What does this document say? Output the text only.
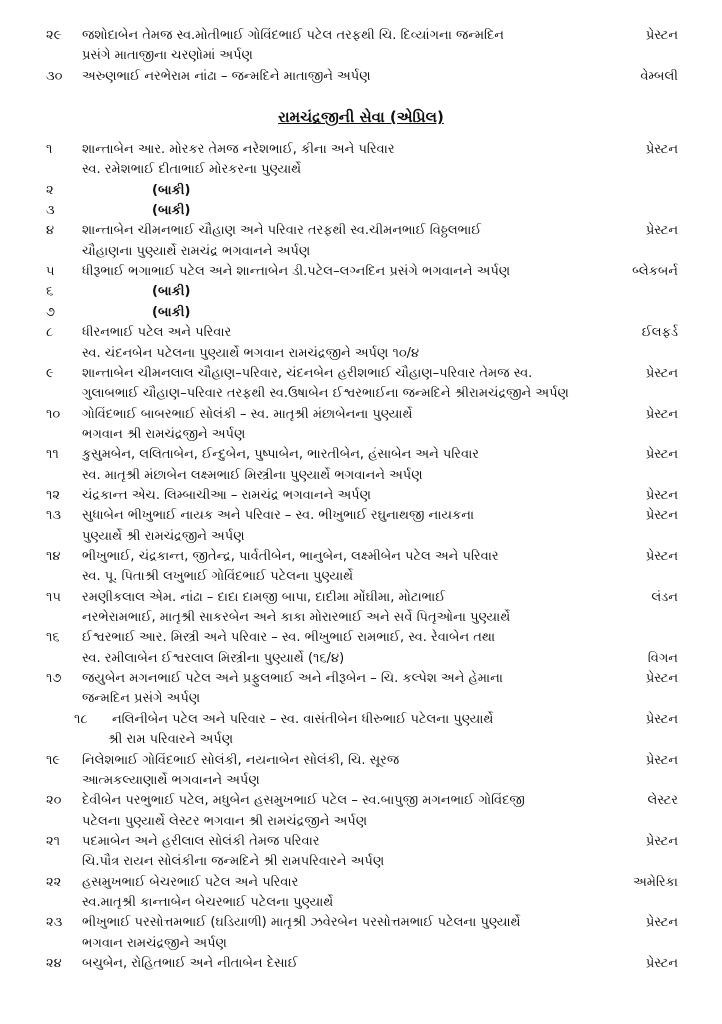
૨૯ જશોદાબેન તેમજ સ્વ.મોતીભાઈ ગોવિંદભાઈ પટેલ તરફથી ચિ. દિવ્યાંગના જન્મદિન	પ્રેસ્ટન
પ્રસંગે માતાજીના ચરણોમાં અર્પણ
૩૦ અરુણભાઈ નરભેરામ નાંઢા – જન્મદિને માતાજીને અર્પણ	વેમ્બલી
રામચંદ્રજીની સેવા (એપ્રિલ)
૧ શાન્તાબેન આર. મોરકર તેમજ નરેશભાઈ, કીના અને પરિવાર	પ્રેસ્ટન
સ્વ. રમેશભાઈ દીતાભાઈ મોરકરના પુણ્યાર્થે
૨	(બાકી)
૩	(બાકી)
૪ શાન્તાબેન ચીમનભાઈ ચૌહાણ અને પરિવાર તરફથી સ્વ.ચીમનભાઈ વિઠ્ઠલભાઈ	પ્રેસ્ટન
ચૌહાણના પુણ્યાર્થે રામચંદ્ર ભગવાનને અર્પણ
૫ ધીરૂભાઈ ભગાભાઈ પટેલ અને શાન્તાબેન ડી.પટેલ–લગ્નદિન પ્રસંગે ભગવાનને અર્પણ	બ્લેકબર્ન
૬	(બાકી)
૭	(બાકી)
૮ ધીરનભાઈ પટેલ અને પરિવાર	ઈલફર્ડ
સ્વ. ચંદનબેન પટેલના પુણ્યાર્થે ભગવાન રામચંદ્રજીને અર્પણ ૧૦/૪
૯ શાન્તાબેન ચીમનલાલ ચૌહાણ–પરિવાર, ચંદનબેન હરીશભાઈ ચૌહાણ–પરિવાર તેમજ સ્વ.	પ્રેસ્ટન
ગુલાબભાઈ ચૌહાણ–પરિવાર તરફથી સ્વ.ઉષાબેન ઈશ્વરભાઈના જન્મદિને શ્રીરામચંદ્રજીને અર્પણ
૧૦ ગોવિંદભાઈ બાબરભાઈ સોલંકી – સ્વ. માતૃશ્રી મંછાબેનના પુણ્યાર્થે	પ્રેસ્ટન
ભગવાન શ્રી રામચંદ્રજીને અર્પણ
૧૧ કુસુમબેન, લલિતાબેન, ઈન્દુબેન, પુષ્પાબેન, ભારતીબેન, હંસાબેન અને પરિવાર	પ્રેસ્ટન
સ્વ. માતૃશ્રી મંછાબેન લક્ષ્મભાઈ મિસ્ત્રીના પુણ્યાર્થે ભગવાનને અર્પણ
૧૨ ચંદ્રકાન્ત એચ. લિમ્બાચીઆ – રામચંદ્ર ભગવાનને અર્પણ	પ્રેસ્ટન
૧૩ સુધાબેન ભીખુભાઈ નાયક અને પરિવાર – સ્વ. ભીખુભાઈ રઘુનાથજી નાયકના	પ્રેસ્ટન
પુણ્યાર્થે શ્રી રામચંદ્રજીને અર્પણ
૧૪ ભીખુભાઈ, ચંદ્રકાન્ત, જીતેન્દ્ર, પાર્વતીબેન, ભાનુબેન, લક્ષ્મીબેન પટેલ અને પરિવાર	પ્રેસ્ટન
સ્વ. પૂ. પિતાશ્રી લખુભાઈ ગોવિંદભાઈ પટેલના પુણ્યાર્થે
૧૫ રમણીકલાલ એમ. નાંઢા – દાદા દામજી બાપા, દાદીમા મોંઘીમા, મોટાભાઈ	લંડન
નરભેરામભાઈ, માતૃશ્રી સાકરબેન અને કાકા મોરારભાઈ અને સર્વે પિતૃઓના પુણ્યાર્થે
૧૬ ઈશ્વરભાઈ આર. મિસ્ત્રી અને પરિવાર – સ્વ. ભીખુભાઈ રામભાઈ, સ્વ. રેવાબેન તથા
સ્વ. રમીલાબેન ઈશ્વરલાલ મિસ્ત્રીના પુણ્યાર્થે (૧૬/૪)	વિગન
૧૭ જયુબેન મગનભાઈ પટેલ અને પ્રફુલભાઈ અને નીરૂબેન – ચિ. કલ્પેશ અને હેમાના	પ્રેસ્ટન
જન્મદિન પ્રસંગે અર્પણ
૧૮ નલિનીબેન પટેલ અને પરિવાર – સ્વ. વાસંતીબેન ધીરુભાઈ પટેલના પુણ્યાર્થે	પ્રેસ્ટન
શ્રી રામ પરિવારને અર્પણ
૧૯ નિલેશભાઈ ગોવિંદભાઈ સોલંકી, નયનાબેન સોલંકી, ચિ. સૂરજ	પ્રેસ્ટન
આત્મકલ્યાણાર્થે ભગવાનને અર્પણ
૨૦ દેવીબેન પરભુભાઈ પટેલ, મધુબેન હસમુખભાઈ પટેલ – સ્વ.બાપુજી મગનભાઈ ગોવિંદજી	લેસ્ટર
પટેલના પુણ્યાર્થે લેસ્ટર ભગવાન શ્રી રામચંદ્રજીને અર્પણ
૨૧ પદમાબેન અને હરીલાલ સોલંકી તેમજ પરિવાર	પ્રેસ્ટન
ચિ.પૌત્ર રાયન સોલંકીના જન્મદિને શ્રી રામપરિવારને અર્પણ
૨૨ હસમુખભાઈ બેચરભાઈ પટેલ અને પરિવાર	અમેરિકા
સ્વ.માતૃશ્રી કાન્તાબેન બેચરભાઈ પટેલના પુણ્યાર્થે
૨૩ ભીખુભાઈ પરસોત્તમભાઈ (ઘડિયાળી) માતૃશ્રી ઝવેરબેન પરસોત્તમભાઈ પટેલના પુણ્યાર્થે	પ્રેસ્ટન
ભગવાન રામચંદ્રજીને અર્પણ
૨૪ બચુબેન, રોહિતભાઈ અને નીતાબેન દેસાઈ	પ્રેસ્ટન
